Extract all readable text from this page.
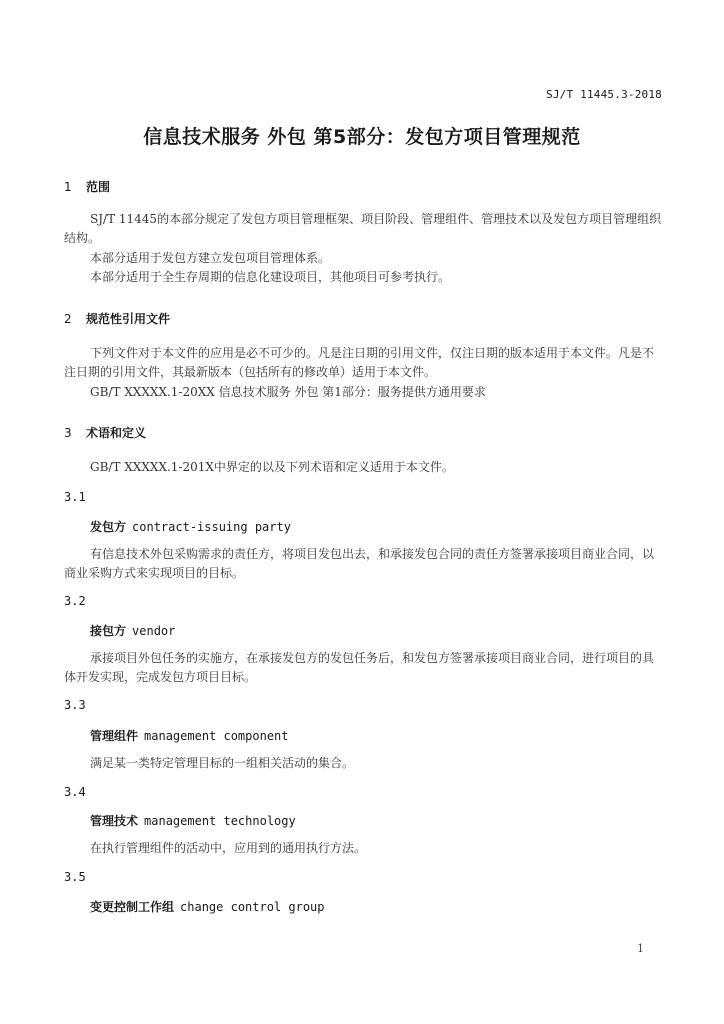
SJ/T 11445.3-2018
信息技术服务 外包 第5部分：发包方项目管理规范
1 范围
SJ/T 11445的本部分规定了发包方项目管理框架、项目阶段、管理组件、管理技术以及发包方项目管理组织结构。
本部分适用于发包方建立发包项目管理体系。
本部分适用于全生存周期的信息化建设项目，其他项目可参考执行。
2 规范性引用文件
下列文件对于本文件的应用是必不可少的。凡是注日期的引用文件，仅注日期的版本适用于本文件。凡是不注日期的引用文件，其最新版本（包括所有的修改单）适用于本文件。
GB/T XXXXX.1-20XX 信息技术服务 外包 第1部分：服务提供方通用要求
3 术语和定义
GB/T XXXXX.1-201X中界定的以及下列术语和定义适用于本文件。
3.1
发包方 contract-issuing party
有信息技术外包采购需求的责任方，将项目发包出去，和承接发包合同的责任方签署承接项目商业合同，以商业采购方式来实现项目的目标。
3.2
接包方 vendor
承接项目外包任务的实施方，在承接发包方的发包任务后，和发包方签署承接项目商业合同，进行项目的具体开发实现，完成发包方项目目标。
3.3
管理组件 management component
满足某一类特定管理目标的一组相关活动的集合。
3.4
管理技术 management technology
在执行管理组件的活动中，应用到的通用执行方法。
3.5
变更控制工作组 change control group
1
